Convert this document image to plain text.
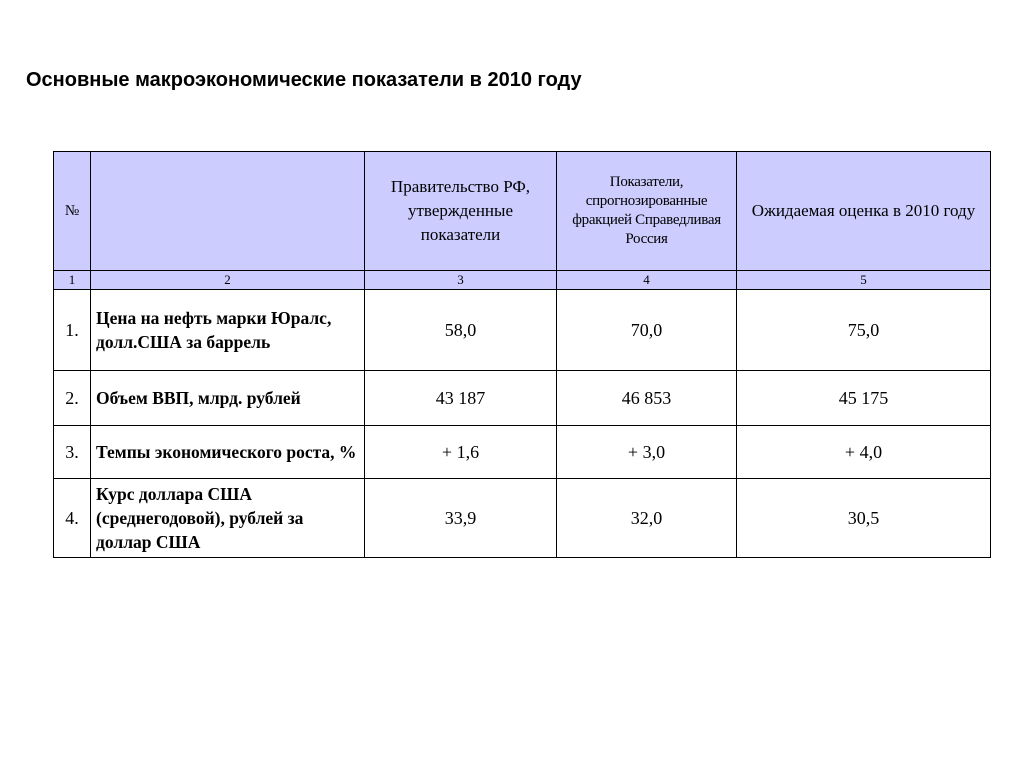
Основные макроэкономические показатели в 2010 году
№		Правительство РФ, утвержденные показатели	Показатели, спрогнозированные фракцией Справедливая Россия	Ожидаемая оценка в 2010 году
1	2	3	4	5
1.	Цена на нефть марки Юралс, долл.США за баррель	58,0	70,0	75,0
2.	Объем ВВП, млрд. рублей	43 187	46 853	45 175
3.	Темпы экономического роста, %	+ 1,6	+ 3,0	+ 4,0
4.	Курс доллара США (среднегодовой), рублей за доллар США	33,9	32,0	30,5
